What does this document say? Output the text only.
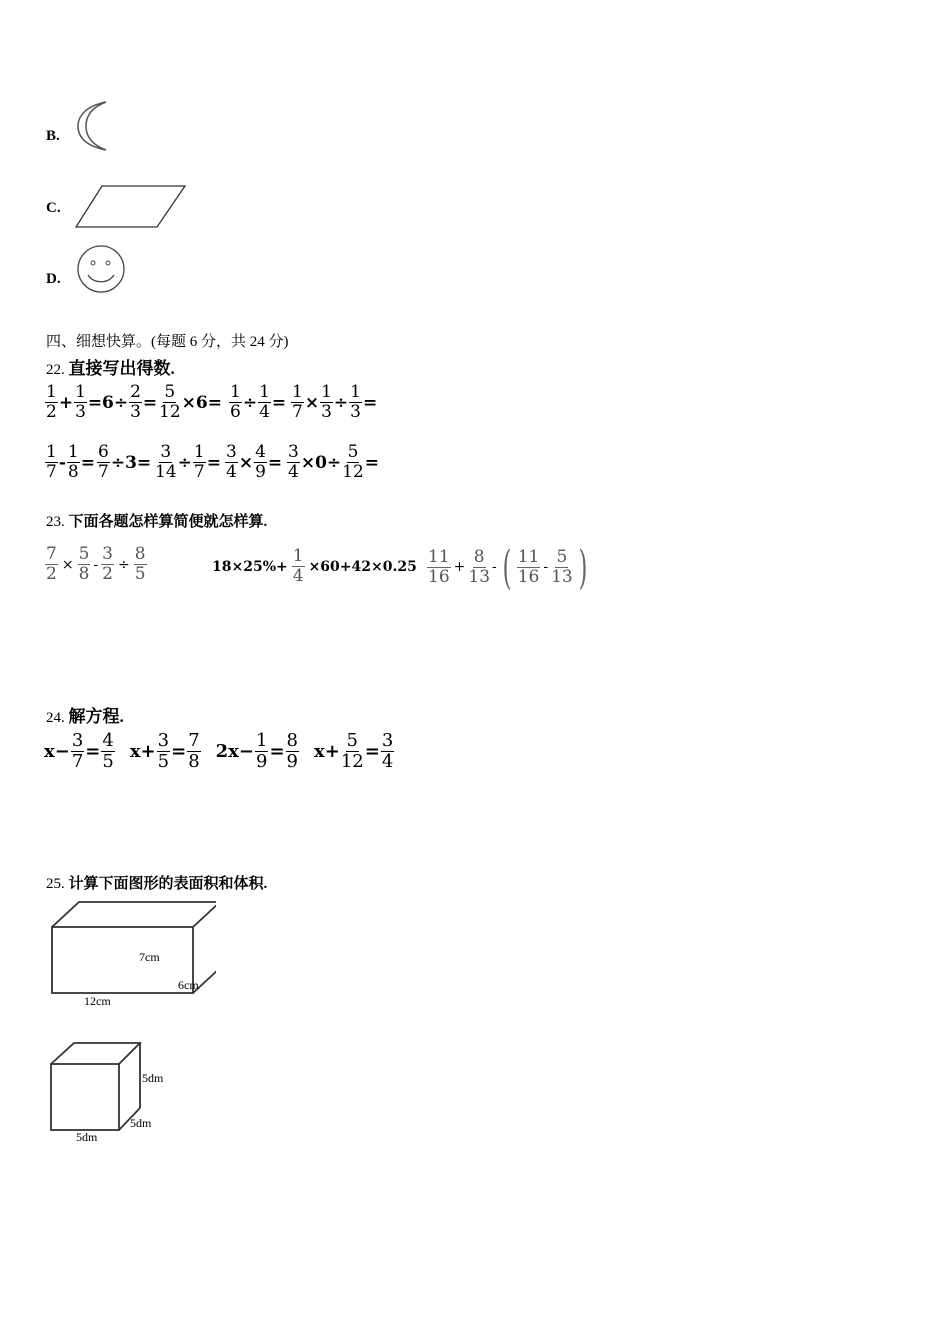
B.
C.
D.
四、细想快算。(每题 6 分，共 24 分)
22. 直接写出得数.
$\frac{1}{2} + \frac{1}{3} = 6\div \frac{2}{3} = \frac{5}{12} \times 6= \frac{1}{6} \div \frac{1}{4} = \frac{1}{7} \times \frac{1}{3} \div \frac{1}{3}$ =
$\frac{1}{7} - \frac{1}{8} = \frac{6}{7} \div 3= \frac{3}{14} \div \frac{1}{7} = \frac{3}{4} \times \frac{4}{9} = \frac{3}{4} \times 0\div \frac{5}{12}$ =
23. 下面各题怎样算简便就怎样算.
$\frac{7}{2} \times \frac{5}{8} - \frac{3}{2} \div \frac{8}{5}$	$18\times 25\%+ \frac{1}{4} \times 60+42\times 0.25 \frac{11}{16} + \frac{8}{13}$ - ( $\frac{11}{16} - \frac{5}{13}$ )
24. 解方程.
$x- \frac{3}{7} = \frac{4}{5} x+ \frac{3}{5} = \frac{7}{8} 2x- \frac{1}{9} = \frac{8}{9} x+ \frac{5}{12} = \frac{3}{4}$
25. 计算下面图形的表面积和体积.
7cm
6cm
12cm
5dm
5dm
5dm
